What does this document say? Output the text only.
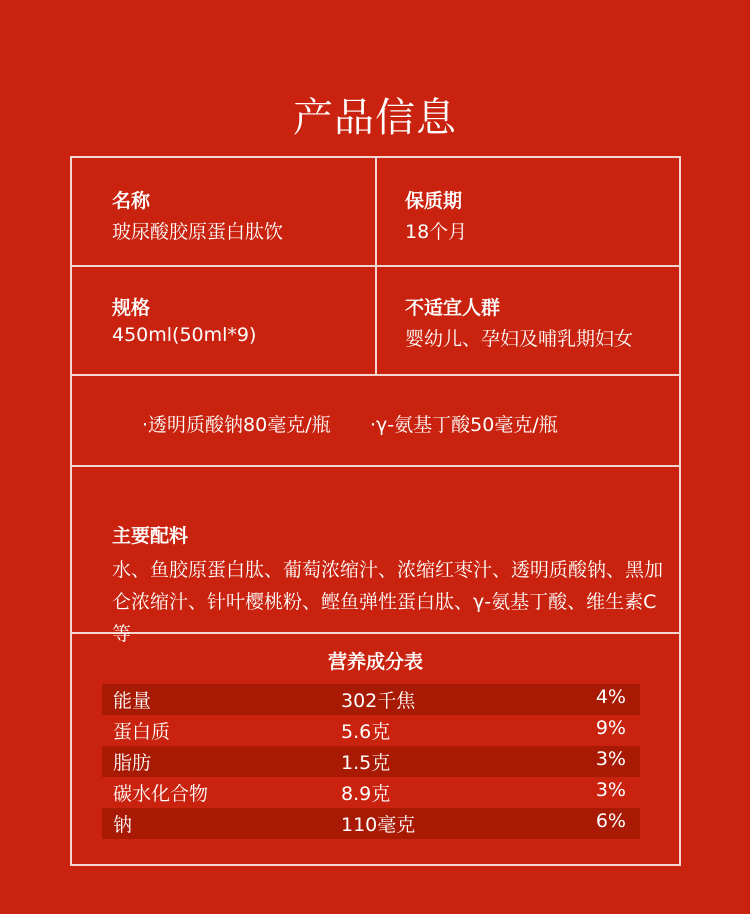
产品信息
名称
玻尿酸胶原蛋白肽饮
保质期
18个月
规格
450ml(50ml*9)
不适宜人群
婴幼儿、孕妇及哺乳期妇女
·透明质酸钠80毫克/瓶 ·γ-氨基丁酸50毫克/瓶
主要配料
水、鱼胶原蛋白肽、葡萄浓缩汁、浓缩红枣汁、透明质酸钠、黑加仑浓缩汁、针叶樱桃粉、鲣鱼弹性蛋白肽、γ-氨基丁酸、维生素C等
营养成分表
能量	302千焦	4%
蛋白质	5.6克	9%
脂肪	1.5克	3%
碳水化合物	8.9克	3%
钠	110毫克	6%
